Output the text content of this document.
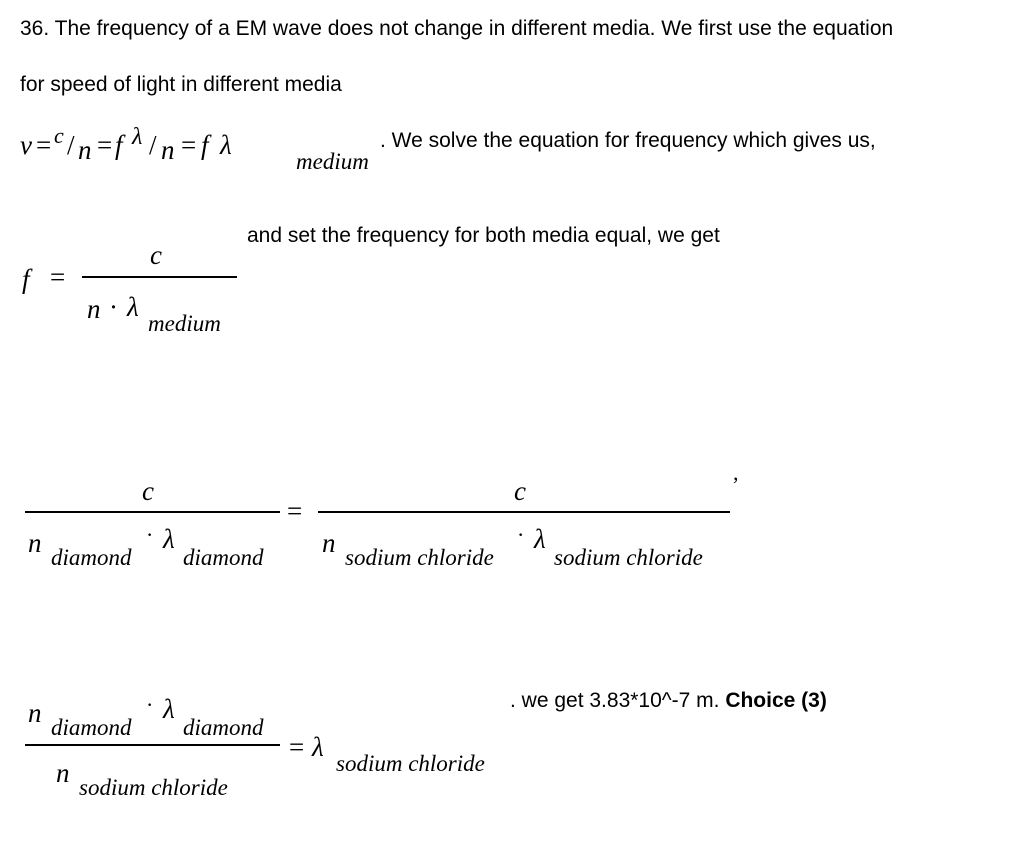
36. The frequency of a EM wave does not change in different media. We first use the equation
for speed of light in different media
v = c / n = f λ / n = f λ
medium
. We solve the equation for frequency which gives us,
and set the frequency for both media equal, we get
f =
c
n · λ
medium
c
n diamond
· λ
diamond
=
c
n sodium chloride
· λ
sodium chloride
,
n diamond
· λ
diamond
n sodium chloride
= λ
sodium chloride
. we get 3.83*10^-7 m. Choice (3)
